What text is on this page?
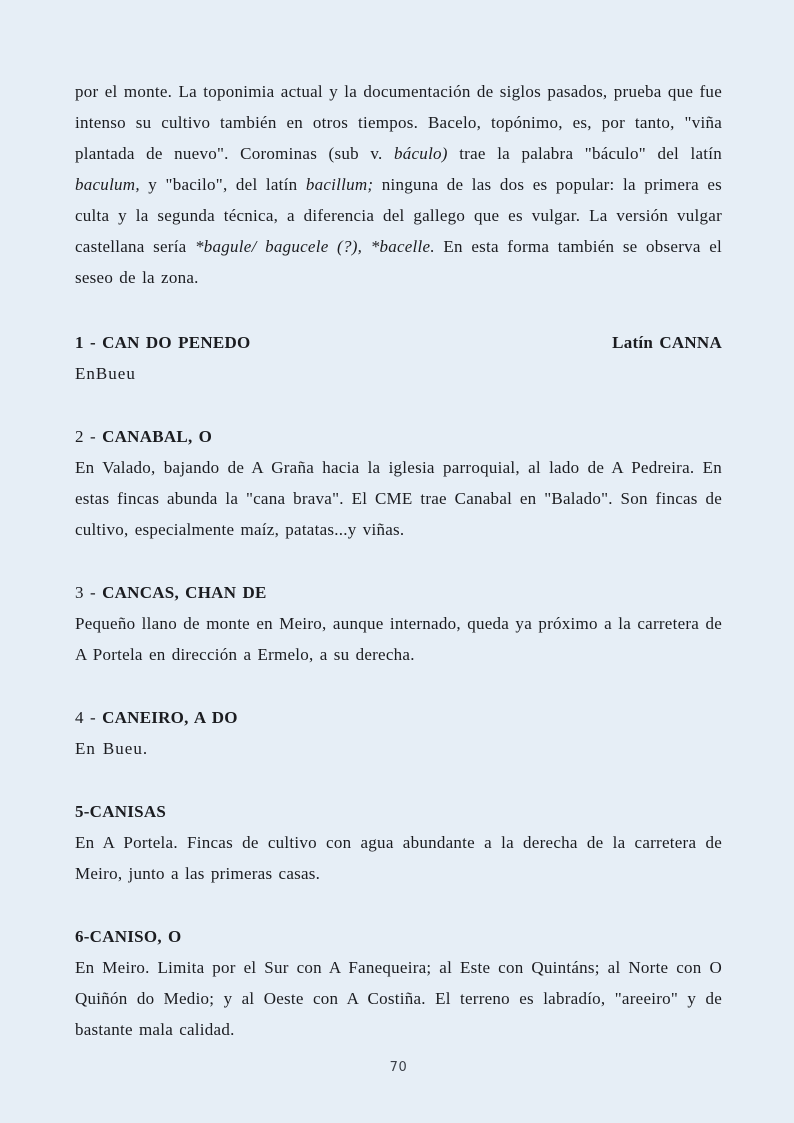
por el monte. La toponimia actual y la documentación de siglos pasados, prueba que fue intenso su cultivo también en otros tiempos. Bacelo, topónimo, es, por tanto, "viña plantada de nuevo". Corominas (sub v. báculo) trae la palabra "báculo" del latín baculum, y "bacilo", del latín bacillum; ninguna de las dos es popular: la primera es culta y la segunda técnica, a diferencia del gallego que es vulgar. La versión vulgar castellana sería *bagule/ bagucele (?), *bacelle. En esta forma también se observa el seseo de la zona.

1 - CAN DO PENEDO	Latín CANNA
EnBueu
2 - CANABAL, O
En Valado, bajando de A Graña hacia la iglesia parroquial, al lado de A Pedreira. En estas fincas abunda la "cana brava". El CME trae Canabal en "Balado". Son fincas de cultivo, especialmente maíz, patatas...y viñas.
3 - CANCAS, CHAN DE
Pequeño llano de monte en Meiro, aunque internado, queda ya próximo a la carretera de A Portela en dirección a Ermelo, a su derecha.
4 - CANEIRO, A DO
En Bueu.
5-CANISAS
En A Portela. Fincas de cultivo con agua abundante a la derecha de la carretera de Meiro, junto a las primeras casas.
6-CANISO, O
En Meiro. Limita por el Sur con A Fanequeira; al Este con Quintáns; al Norte con O Quiñón do Medio; y al Oeste con A Costiña. El terreno es labradío, "areeiro" y de bastante mala calidad.
70
